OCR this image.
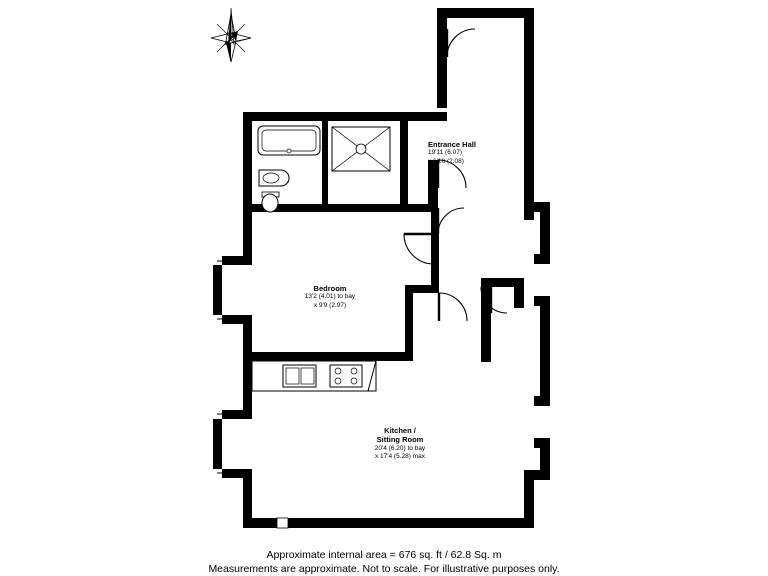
Entrance Hall
19'11 (6.07)
x 6'10 (2.08)
Bedroom
13'2 (4.01) to bay
x 9'9 (2.97)
Kitchen /
Sitting Room
20'4 (6.20) to bay
x 17'4 (5.28) max
N
Approximate internal area = 676 sq. ft / 62.8 Sq. m
Measurements are approximate. Not to scale. For illustrative purposes only.
